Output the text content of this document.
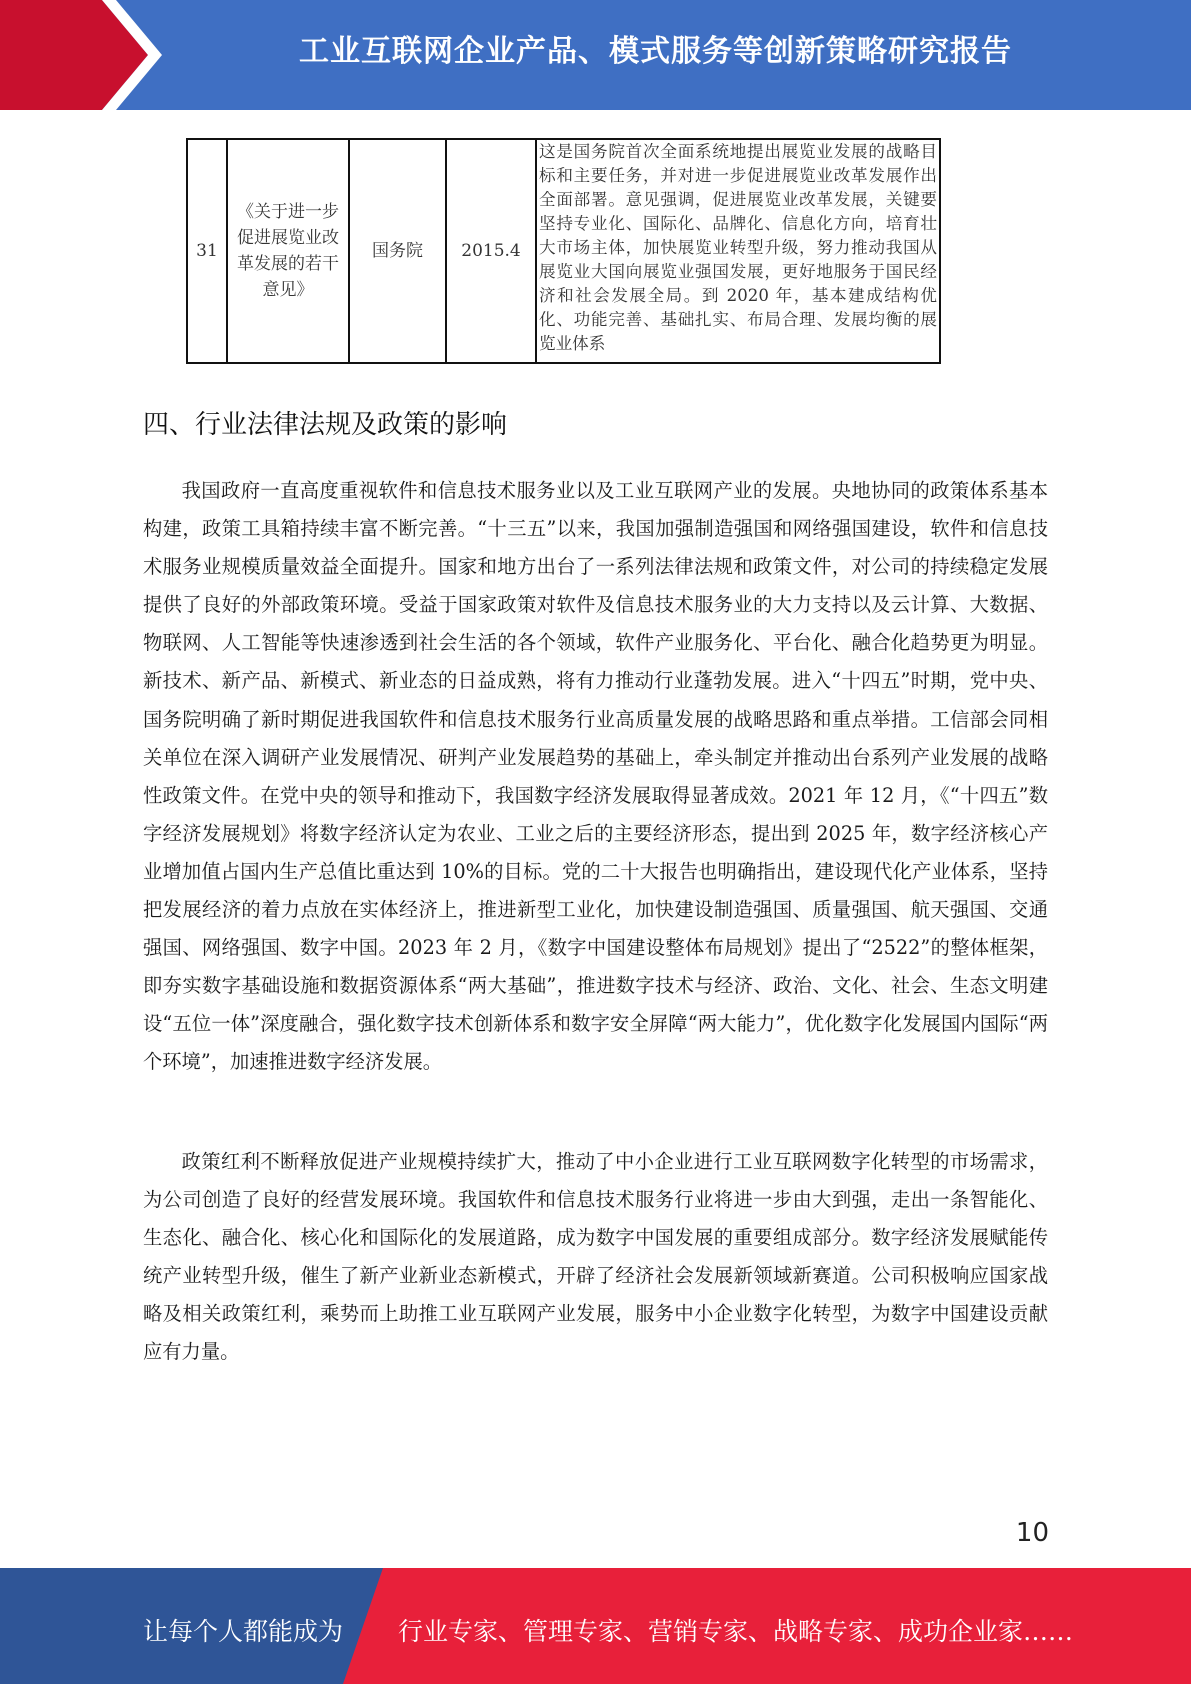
工业互联网企业产品、模式服务等创新策略研究报告
31	《关于进一步促进展览业改革发展的若干意见》	国务院	2015.4	这是国务院首次全面系统地提出展览业发展的战略目标和主要任务，并对进一步促进展览业改革发展作出全面部署。意见强调，促进展览业改革发展，关键要坚持专业化、国际化、品牌化、信息化方向，培育壮大市场主体，加快展览业转型升级，努力推动我国从展览业大国向展览业强国发展，更好地服务于国民经济和社会发展全局。到 2020 年，基本建成结构优化、功能完善、基础扎实、布局合理、发展均衡的展览业体系
四、行业法律法规及政策的影响

我国政府一直高度重视软件和信息技术服务业以及工业互联网产业的发展。央地协同的政策体系基本构建，政策工具箱持续丰富不断完善。“十三五”以来，我国加强制造强国和网络强国建设，软件和信息技术服务业规模质量效益全面提升。国家和地方出台了一系列法律法规和政策文件，对公司的持续稳定发展提供了良好的外部政策环境。受益于国家政策对软件及信息技术服务业的大力支持以及云计算、大数据、物联网、人工智能等快速渗透到社会生活的各个领域，软件产业服务化、平台化、融合化趋势更为明显。新技术、新产品、新模式、新业态的日益成熟，将有力推动行业蓬勃发展。进入“十四五”时期，党中央、国务院明确了新时期促进我国软件和信息技术服务行业高质量发展的战略思路和重点举措。工信部会同相关单位在深入调研产业发展情况、研判产业发展趋势的基础上，牵头制定并推动出台系列产业发展的战略性政策文件。在党中央的领导和推动下，我国数字经济发展取得显著成效。2021 年 12 月，《“十四五”数字经济发展规划》将数字经济认定为农业、工业之后的主要经济形态，提出到 2025 年，数字经济核心产业增加值占国内生产总值比重达到 10%的目标。党的二十大报告也明确指出，建设现代化产业体系，坚持把发展经济的着力点放在实体经济上，推进新型工业化，加快建设制造强国、质量强国、航天强国、交通强国、网络强国、数字中国。2023 年 2 月，《数字中国建设整体布局规划》提出了“2522”的整体框架，即夯实数字基础设施和数据资源体系“两大基础”，推进数字技术与经济、政治、文化、社会、生态文明建设“五位一体”深度融合，强化数字技术创新体系和数字安全屏障“两大能力”，优化数字化发展国内国际“两个环境”，加速推进数字经济发展。

政策红利不断释放促进产业规模持续扩大，推动了中小企业进行工业互联网数字化转型的市场需求，为公司创造了良好的经营发展环境。我国软件和信息技术服务行业将进一步由大到强，走出一条智能化、生态化、融合化、核心化和国际化的发展道路，成为数字中国发展的重要组成部分。数字经济发展赋能传统产业转型升级，催生了新产业新业态新模式，开辟了经济社会发展新领域新赛道。公司积极响应国家战略及相关政策红利，乘势而上助推工业互联网产业发展，服务中小企业数字化转型，为数字中国建设贡献应有力量。

10
让每个人都能成为 行业专家、管理专家、营销专家、战略专家、成功企业家……
